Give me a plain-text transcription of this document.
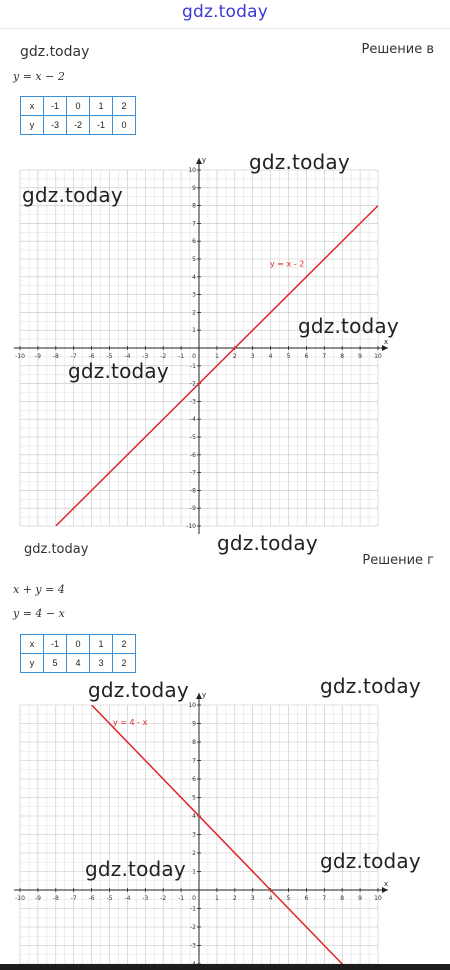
gdz.today
gdz.today	Решение в
y = x − 2
x	-1	0	1	2
y	-3	-2	-1	0
x
y
-10 -9 -8 -7 -6 -5 -4 -3 -2 -1	1 2 3 4 5 6 7 8 9 10
10
9
8
7
6
5
4
3
2
1
-1
-2
-3
-4
-5
-6
-7
-8
-9
-10
0
y = x - 2
gdz.today
gdz.today
gdz.today
gdz.today
gdz.today
gdz.today
Решение г
x + y = 4
y = 4 − x
x	-1	0	1	2
y	5	4	3	2
x
y
-10 -9 -8 -7 -6 -5 -4 -3 -2 -1	1 2 3 4 5 6 7 8 9 10
10
9
8
7
6
5
4
3
2
1
-1
-2
-3
0
y = 4 - x
gdz.today	gdz.today
gdz.today	gdz.today
